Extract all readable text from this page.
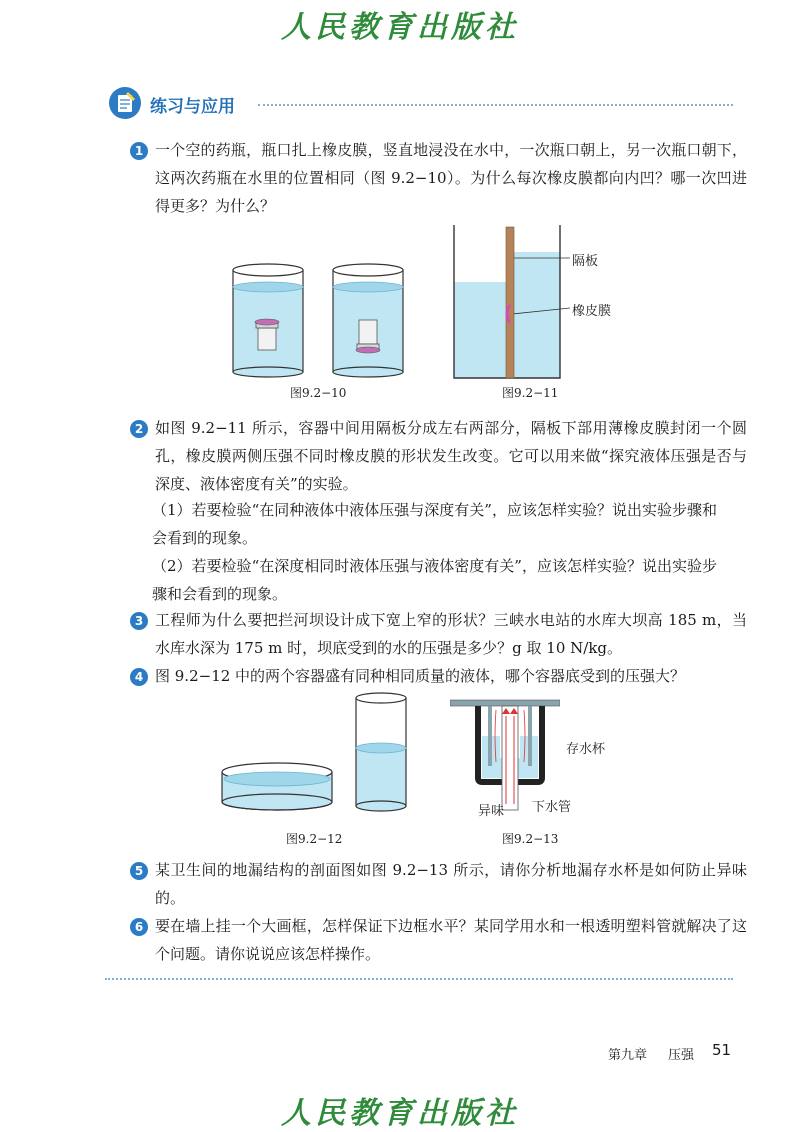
人民教育出版社
练习与应用
1 一个空的药瓶，瓶口扎上橡皮膜，竖直地浸没在水中，一次瓶口朝上，另一次瓶口朝下，这两次药瓶在水里的位置相同（图 9.2−10）。为什么每次橡皮膜都向内凹？哪一次凹进得更多？为什么？
图9.2−10
隔板
橡皮膜
图9.2−11
2 如图 9.2−11 所示，容器中间用隔板分成左右两部分，隔板下部用薄橡皮膜封闭一个圆孔，橡皮膜两侧压强不同时橡皮膜的形状发生改变。它可以用来做“探究液体压强是否与深度、液体密度有关”的实验。
（1）若要检验“在同种液体中液体压强与深度有关”，应该怎样实验？说出实验步骤和会看到的现象。
（2）若要检验“在深度相同时液体压强与液体密度有关”，应该怎样实验？说出实验步骤和会看到的现象。
3 工程师为什么要把拦河坝设计成下宽上窄的形状？三峡水电站的水库大坝高 185 m，当水库水深为 175 m 时，坝底受到的水的压强是多少？g 取 10 N/kg。
4 图 9.2−12 中的两个容器盛有同种相同质量的液体，哪个容器底受到的压强大？
图9.2−12
存水杯
异味 下水管
图9.2−13
5 某卫生间的地漏结构的剖面图如图 9.2−13 所示，请你分析地漏存水杯是如何防止异味的。
6 要在墙上挂一个大画框，怎样保证下边框水平？某同学用水和一根透明塑料管就解决了这个问题。请你说说应该怎样操作。
第九章 压强 51
人民教育出版社
